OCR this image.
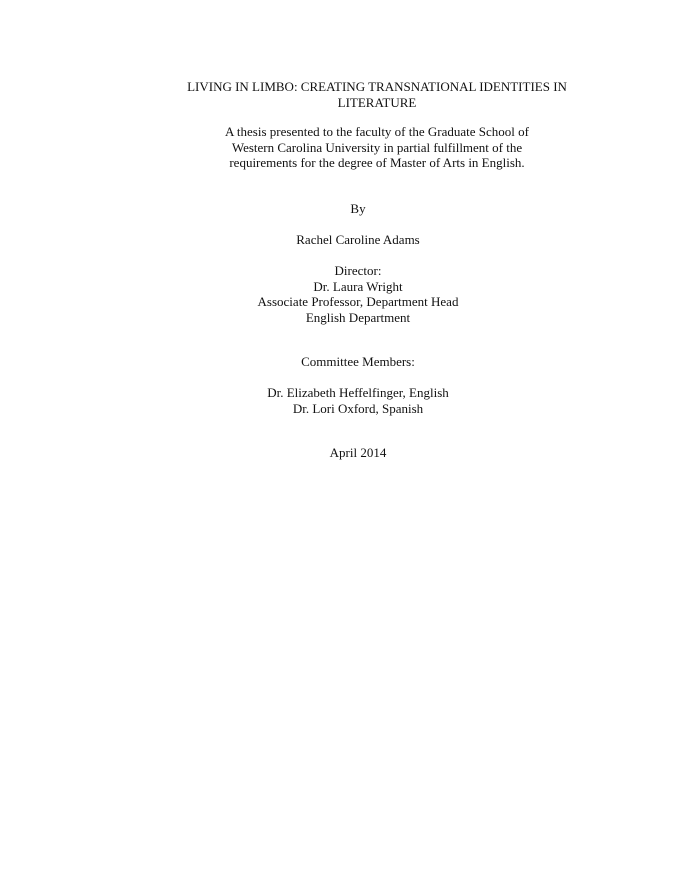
LIVING IN LIMBO: CREATING TRANSNATIONAL IDENTITIES IN
LITERATURE
A thesis presented to the faculty of the Graduate School of
Western Carolina University in partial fulfillment of the
requirements for the degree of Master of Arts in English.
By
Rachel Caroline Adams
Director:
Dr. Laura Wright
Associate Professor, Department Head
English Department
Committee Members:
Dr. Elizabeth Heffelfinger, English
Dr. Lori Oxford, Spanish
April 2014
